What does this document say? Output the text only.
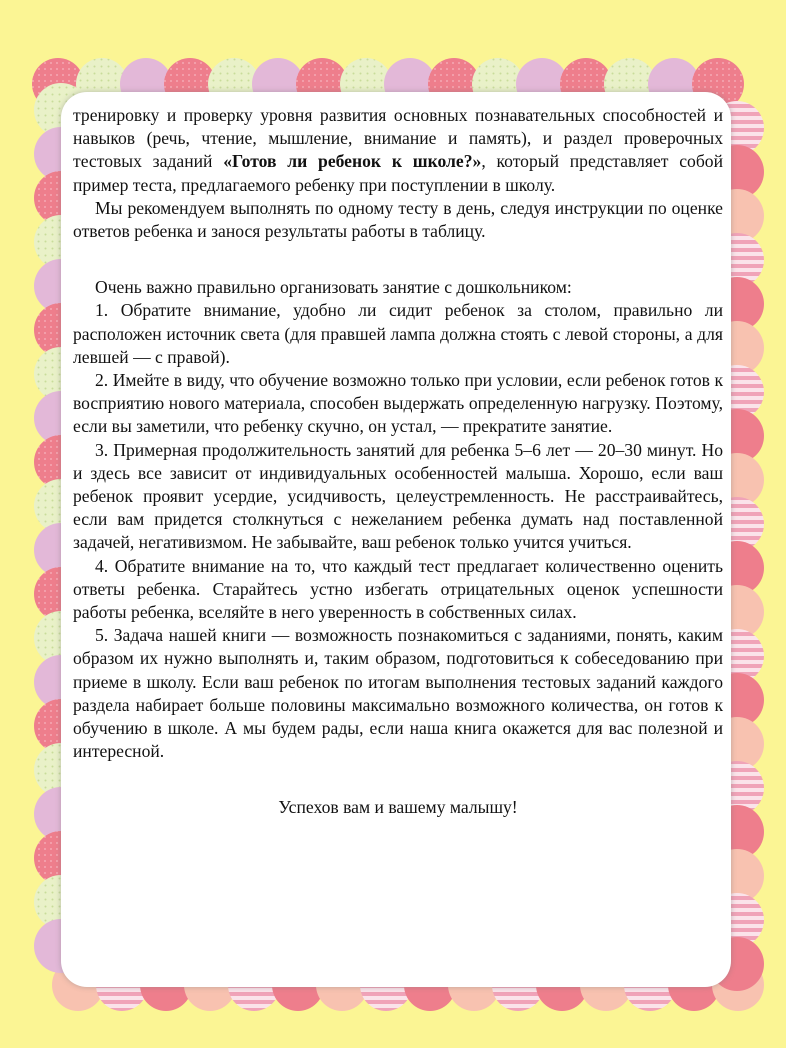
тренировку и проверку уровня развития основных познавательных способностей и навыков (речь, чтение, мышление, внимание и память), и раздел проверочных тестовых заданий «Готов ли ребенок к школе?», который представляет собой пример теста, предлагаемого ребенку при поступлении в школу.

Мы рекомендуем выполнять по одному тесту в день, следуя инструкции по оценке ответов ребенка и занося результаты работы в таблицу.

Очень важно правильно организовать занятие с дошкольником:

1. Обратите внимание, удобно ли сидит ребенок за столом, правильно ли расположен источник света (для правшей лампа должна стоять с левой стороны, а для левшей — с правой).

2. Имейте в виду, что обучение возможно только при условии, если ребенок готов к восприятию нового материала, способен выдержать определенную нагрузку. Поэтому, если вы заметили, что ребенку скучно, он устал, — прекратите занятие.

3. Примерная продолжительность занятий для ребенка 5–6 лет — 20–30 минут. Но и здесь все зависит от индивидуальных особенностей малыша. Хорошо, если ваш ребенок проявит усердие, усидчивость, целеустремленность. Не расстраивайтесь, если вам придется столкнуться с нежеланием ребенка думать над поставленной задачей, негативизмом. Не забывайте, ваш ребенок только учится учиться.

4. Обратите внимание на то, что каждый тест предлагает количественно оценить ответы ребенка. Старайтесь устно избегать отрицательных оценок успешности работы ребенка, вселяйте в него уверенность в собственных силах.

5. Задача нашей книги — возможность познакомиться с заданиями, понять, каким образом их нужно выполнять и, таким образом, подготовиться к собеседованию при приеме в школу. Если ваш ребенок по итогам выполнения тестовых заданий каждого раздела набирает больше половины максимально возможного количества, он готов к обучению в школе. А мы будем рады, если наша книга окажется для вас полезной и интересной.

Успехов вам и вашему малышу!
